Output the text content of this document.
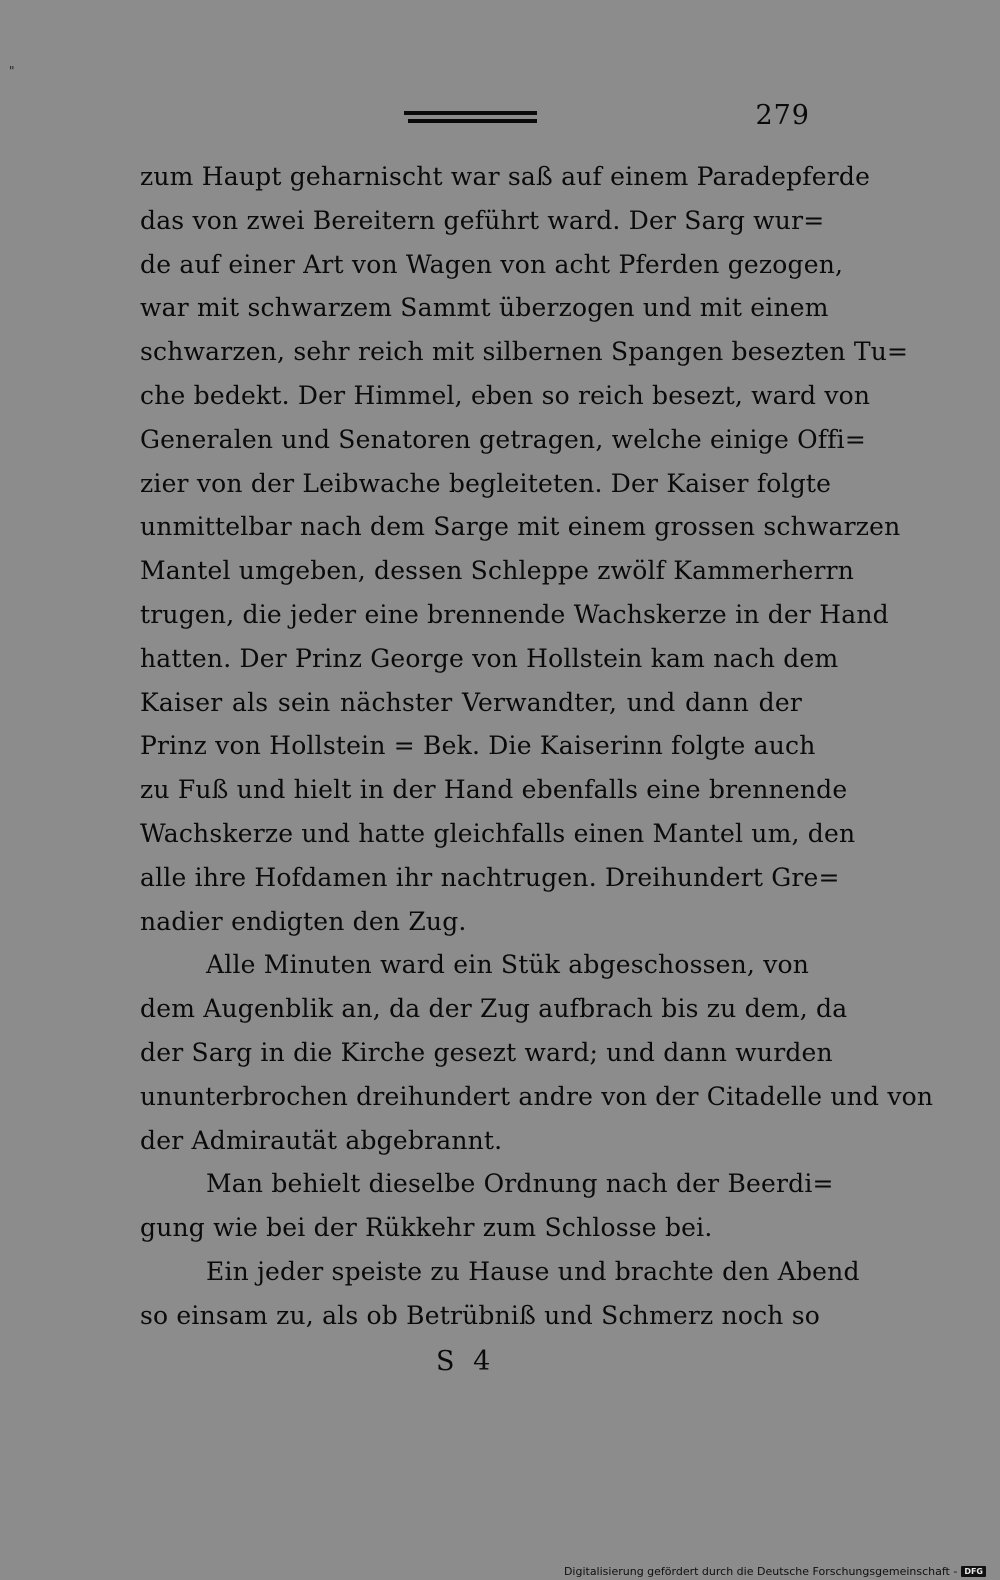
"
279
zum Haupt geharnischt war saß auf einem Paradepferde
das von zwei Bereitern geführt ward. Der Sarg wur=
de auf einer Art von Wagen von acht Pferden gezogen,
war mit schwarzem Sammt überzogen und mit einem
schwarzen, sehr reich mit silbernen Spangen besezten Tu=
che bedekt. Der Himmel, eben so reich besezt, ward von
Generalen und Senatoren getragen, welche einige Offi=
zier von der Leibwache begleiteten. Der Kaiser folgte
unmittelbar nach dem Sarge mit einem grossen schwarzen
Mantel umgeben, dessen Schleppe zwölf Kammerherrn
trugen, die jeder eine brennende Wachskerze in der Hand
hatten. Der Prinz George von Hollstein kam nach dem
Kaiser als sein nächster Verwandter, und dann der
Prinz von Hollstein = Bek. Die Kaiserinn folgte auch
zu Fuß und hielt in der Hand ebenfalls eine brennende
Wachskerze und hatte gleichfalls einen Mantel um, den
alle ihre Hofdamen ihr nachtrugen. Dreihundert Gre=
nadier endigten den Zug.
Alle Minuten ward ein Stük abgeschossen, von
dem Augenblik an, da der Zug aufbrach bis zu dem, da
der Sarg in die Kirche gesezt ward; und dann wurden
ununterbrochen dreihundert andre von der Citadelle und von
der Admirautät abgebrannt.
Man behielt dieselbe Ordnung nach der Beerdi=
gung wie bei der Rükkehr zum Schlosse bei.
Ein jeder speiste zu Hause und brachte den Abend
so einsam zu, als ob Betrübniß und Schmerz noch so
S 4
Digitalisierung gefördert durch die Deutsche Forschungsgemeinschaft - DFG
